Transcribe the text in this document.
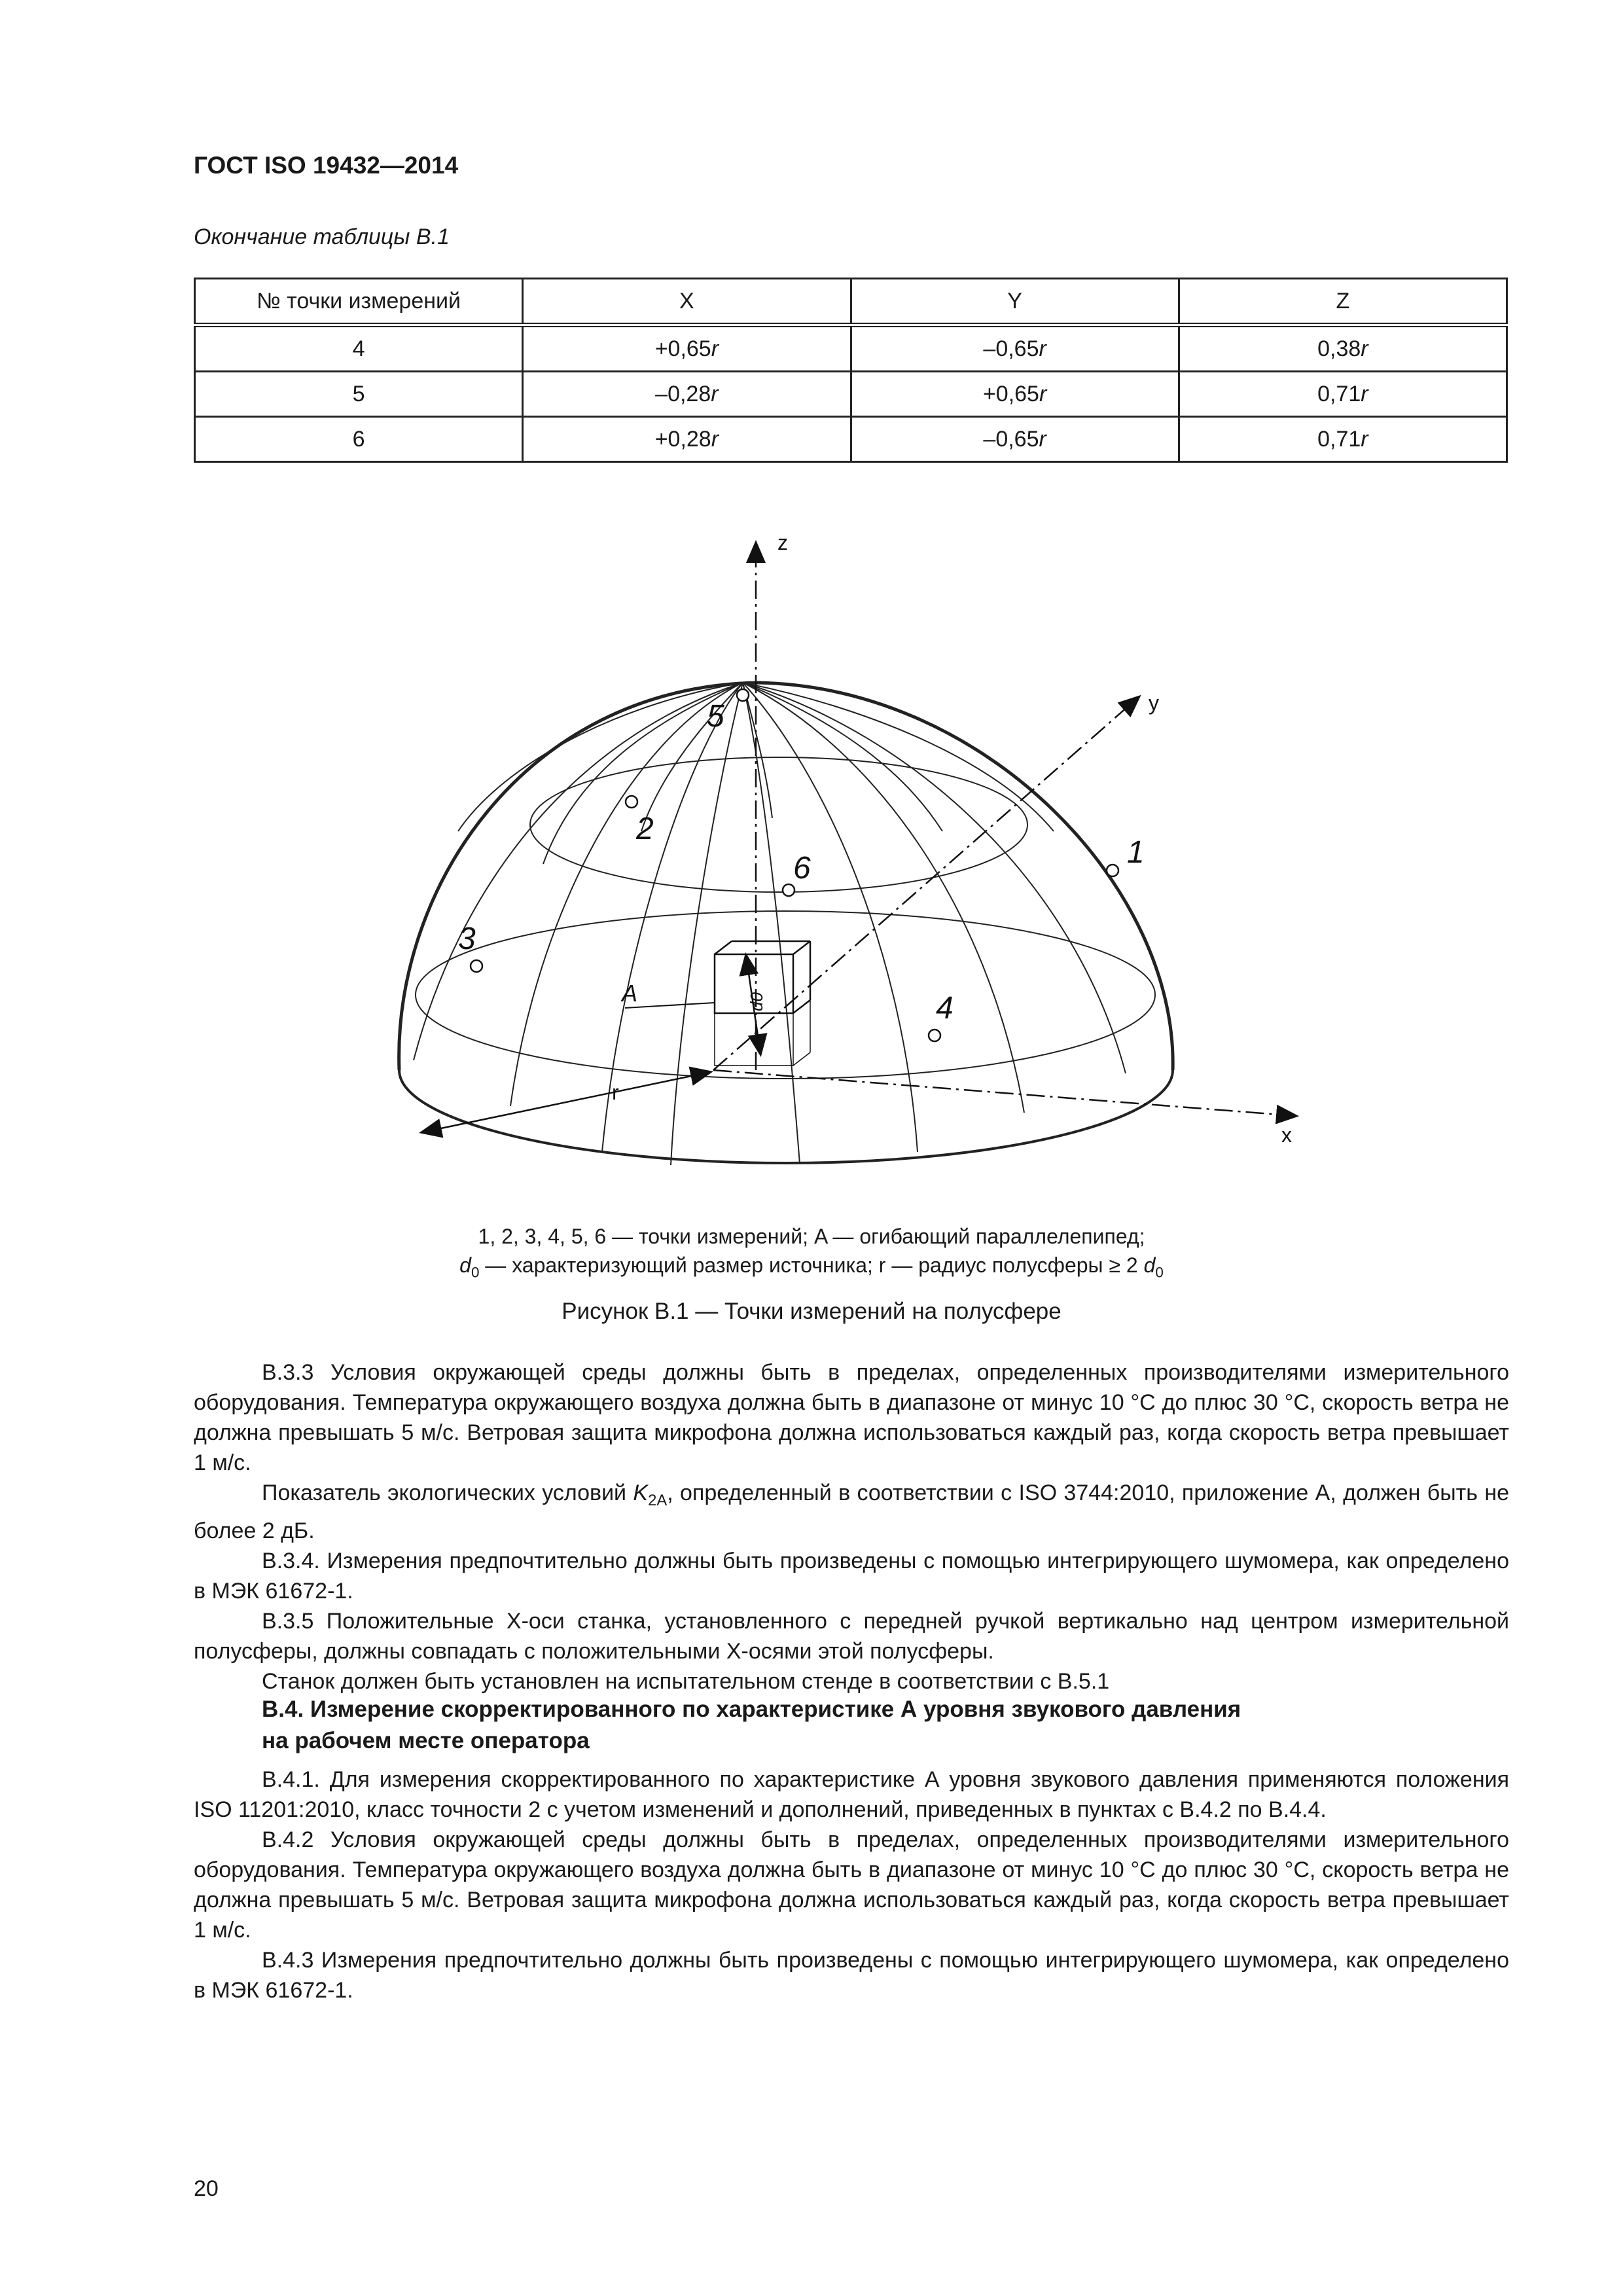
ГОСТ ISO 19432—2014
Окончание таблицы В.1
№ точки измерений	X	Y	Z
4	+0,65r	–0,65r	0,38r
5	–0,28r	+0,65r	0,71r
6	+0,28r	–0,65r	0,71r
z
y
x
r
A	d0
1
2
3
4
5
6
1, 2, 3, 4, 5, 6 — точки измерений; A — огибающий параллелепипед;
$d_0$ — характеризующий размер источника; r — радиус полусферы ≥ 2 $d_0$
Рисунок В.1 — Точки измерений на полусфере

В.3.3 Условия окружающей среды должны быть в пределах, определенных производителями измерительного оборудования. Температура окружающего воздуха должна быть в диапазоне от минус 10 °C до плюс 30 °C, скорость ветра не должна превышать 5 м/с. Ветровая защита микрофона должна использоваться каждый раз, когда скорость ветра превышает 1 м/с.

Показатель экологических условий $K_{2A}$, определенный в соответствии с ISO 3744:2010, приложение А, должен быть не более 2 дБ.

В.3.4. Измерения предпочтительно должны быть произведены с помощью интегрирующего шумомера, как определено в МЭК 61672-1.

В.3.5 Положительные Х-оси станка, установленного с передней ручкой вертикально над центром измерительной полусферы, должны совпадать с положительными Х-осями этой полусферы.

Станок должен быть установлен на испытательном стенде в соответствии с В.5.1

В.4. Измерение скорректированного по характеристике А уровня звукового давления
на рабочем месте оператора

В.4.1. Для измерения скорректированного по характеристике А уровня звукового давления применяются положения ISO 11201:2010, класс точности 2 с учетом изменений и дополнений, приведенных в пунктах с В.4.2 по В.4.4.

В.4.2 Условия окружающей среды должны быть в пределах, определенных производителями измерительного оборудования. Температура окружающего воздуха должна быть в диапазоне от минус 10 °C до плюс 30 °C, скорость ветра не должна превышать 5 м/с. Ветровая защита микрофона должна использоваться каждый раз, когда скорость ветра превышает 1 м/с.

В.4.3 Измерения предпочтительно должны быть произведены с помощью интегрирующего шумомера, как определено в МЭК 61672-1.

20
